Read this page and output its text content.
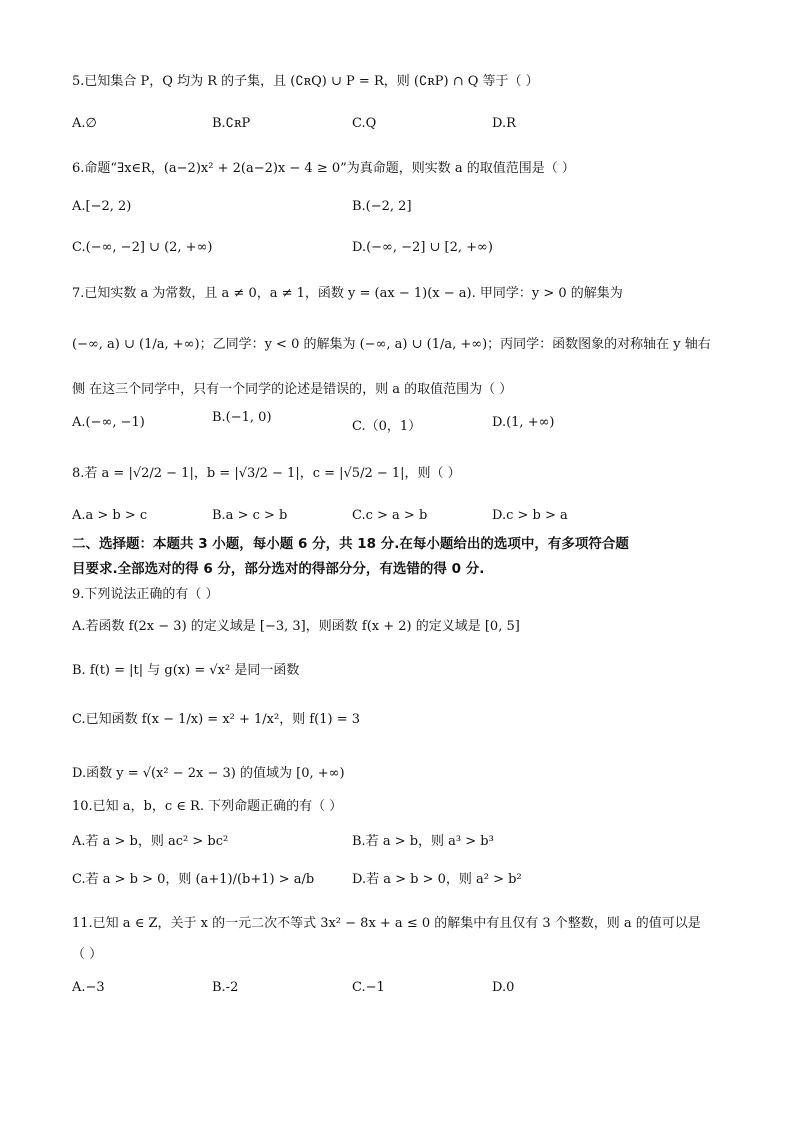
5.已知集合 P，Q 均为 R 的子集，且 (∁ʀQ) ∪ P = R，则 (∁ʀP) ∩ Q 等于（ ）
A.∅	B.∁ʀP	C.Q	D.R
6.命题“∃x∈R，(a−2)x² + 2(a−2)x − 4 ≥ 0”为真命题，则实数 a 的取值范围是（ ）
A.[−2, 2)	B.(−2, 2]
C.(−∞, −2] ∪ (2, +∞)	D.(−∞, −2] ∪ [2, +∞)
7.已知实数 a 为常数，且 a ≠ 0，a ≠ 1，函数 y = (ax − 1)(x − a). 甲同学：y > 0 的解集为
(−∞, a) ∪ (1/a, +∞)；乙同学：y < 0 的解集为 (−∞, a) ∪ (1/a, +∞)；丙同学：函数图象的对称轴在 y 轴右
侧 在这三个同学中，只有一个同学的论述是错误的，则 a 的取值范围为（ ）
A.(−∞, −1)	B.(−1, 0)
C.（0，1）	D.(1, +∞)
8.若 a = |√2/2 − 1|，b = |√3/2 − 1|，c = |√5/2 − 1|，则（ ）
A.a > b > c	B.a > c > b	C.c > a > b	D.c > b > a
二、选择题：本题共 3 小题，每小题 6 分，共 18 分.在每小题给出的选项中，有多项符合题
目要求.全部选对的得 6 分，部分选对的得部分分，有选错的得 0 分.
9.下列说法正确的有（ ）
A.若函数 f(2x − 3) 的定义域是 [−3, 3]，则函数 f(x + 2) 的定义域是 [0, 5]
B. f(t) = |t| 与 g(x) = √x² 是同一函数
C.已知函数 f(x − 1/x) = x² + 1/x²，则 f(1) = 3
D.函数 y = √(x² − 2x − 3) 的值域为 [0, +∞)
10.已知 a，b，c ∈ R. 下列命题正确的有（ ）
A.若 a > b，则 ac² > bc²	B.若 a > b，则 a³ > b³
C.若 a > b > 0，则 (a+1)/(b+1) > a/b	D.若 a > b > 0，则 a² > b²
11.已知 a ∈ Z，关于 x 的一元二次不等式 3x² − 8x + a ≤ 0 的解集中有且仅有 3 个整数，则 a 的值可以是
（ ）
A.−3	B.-2	C.−1	D.0
